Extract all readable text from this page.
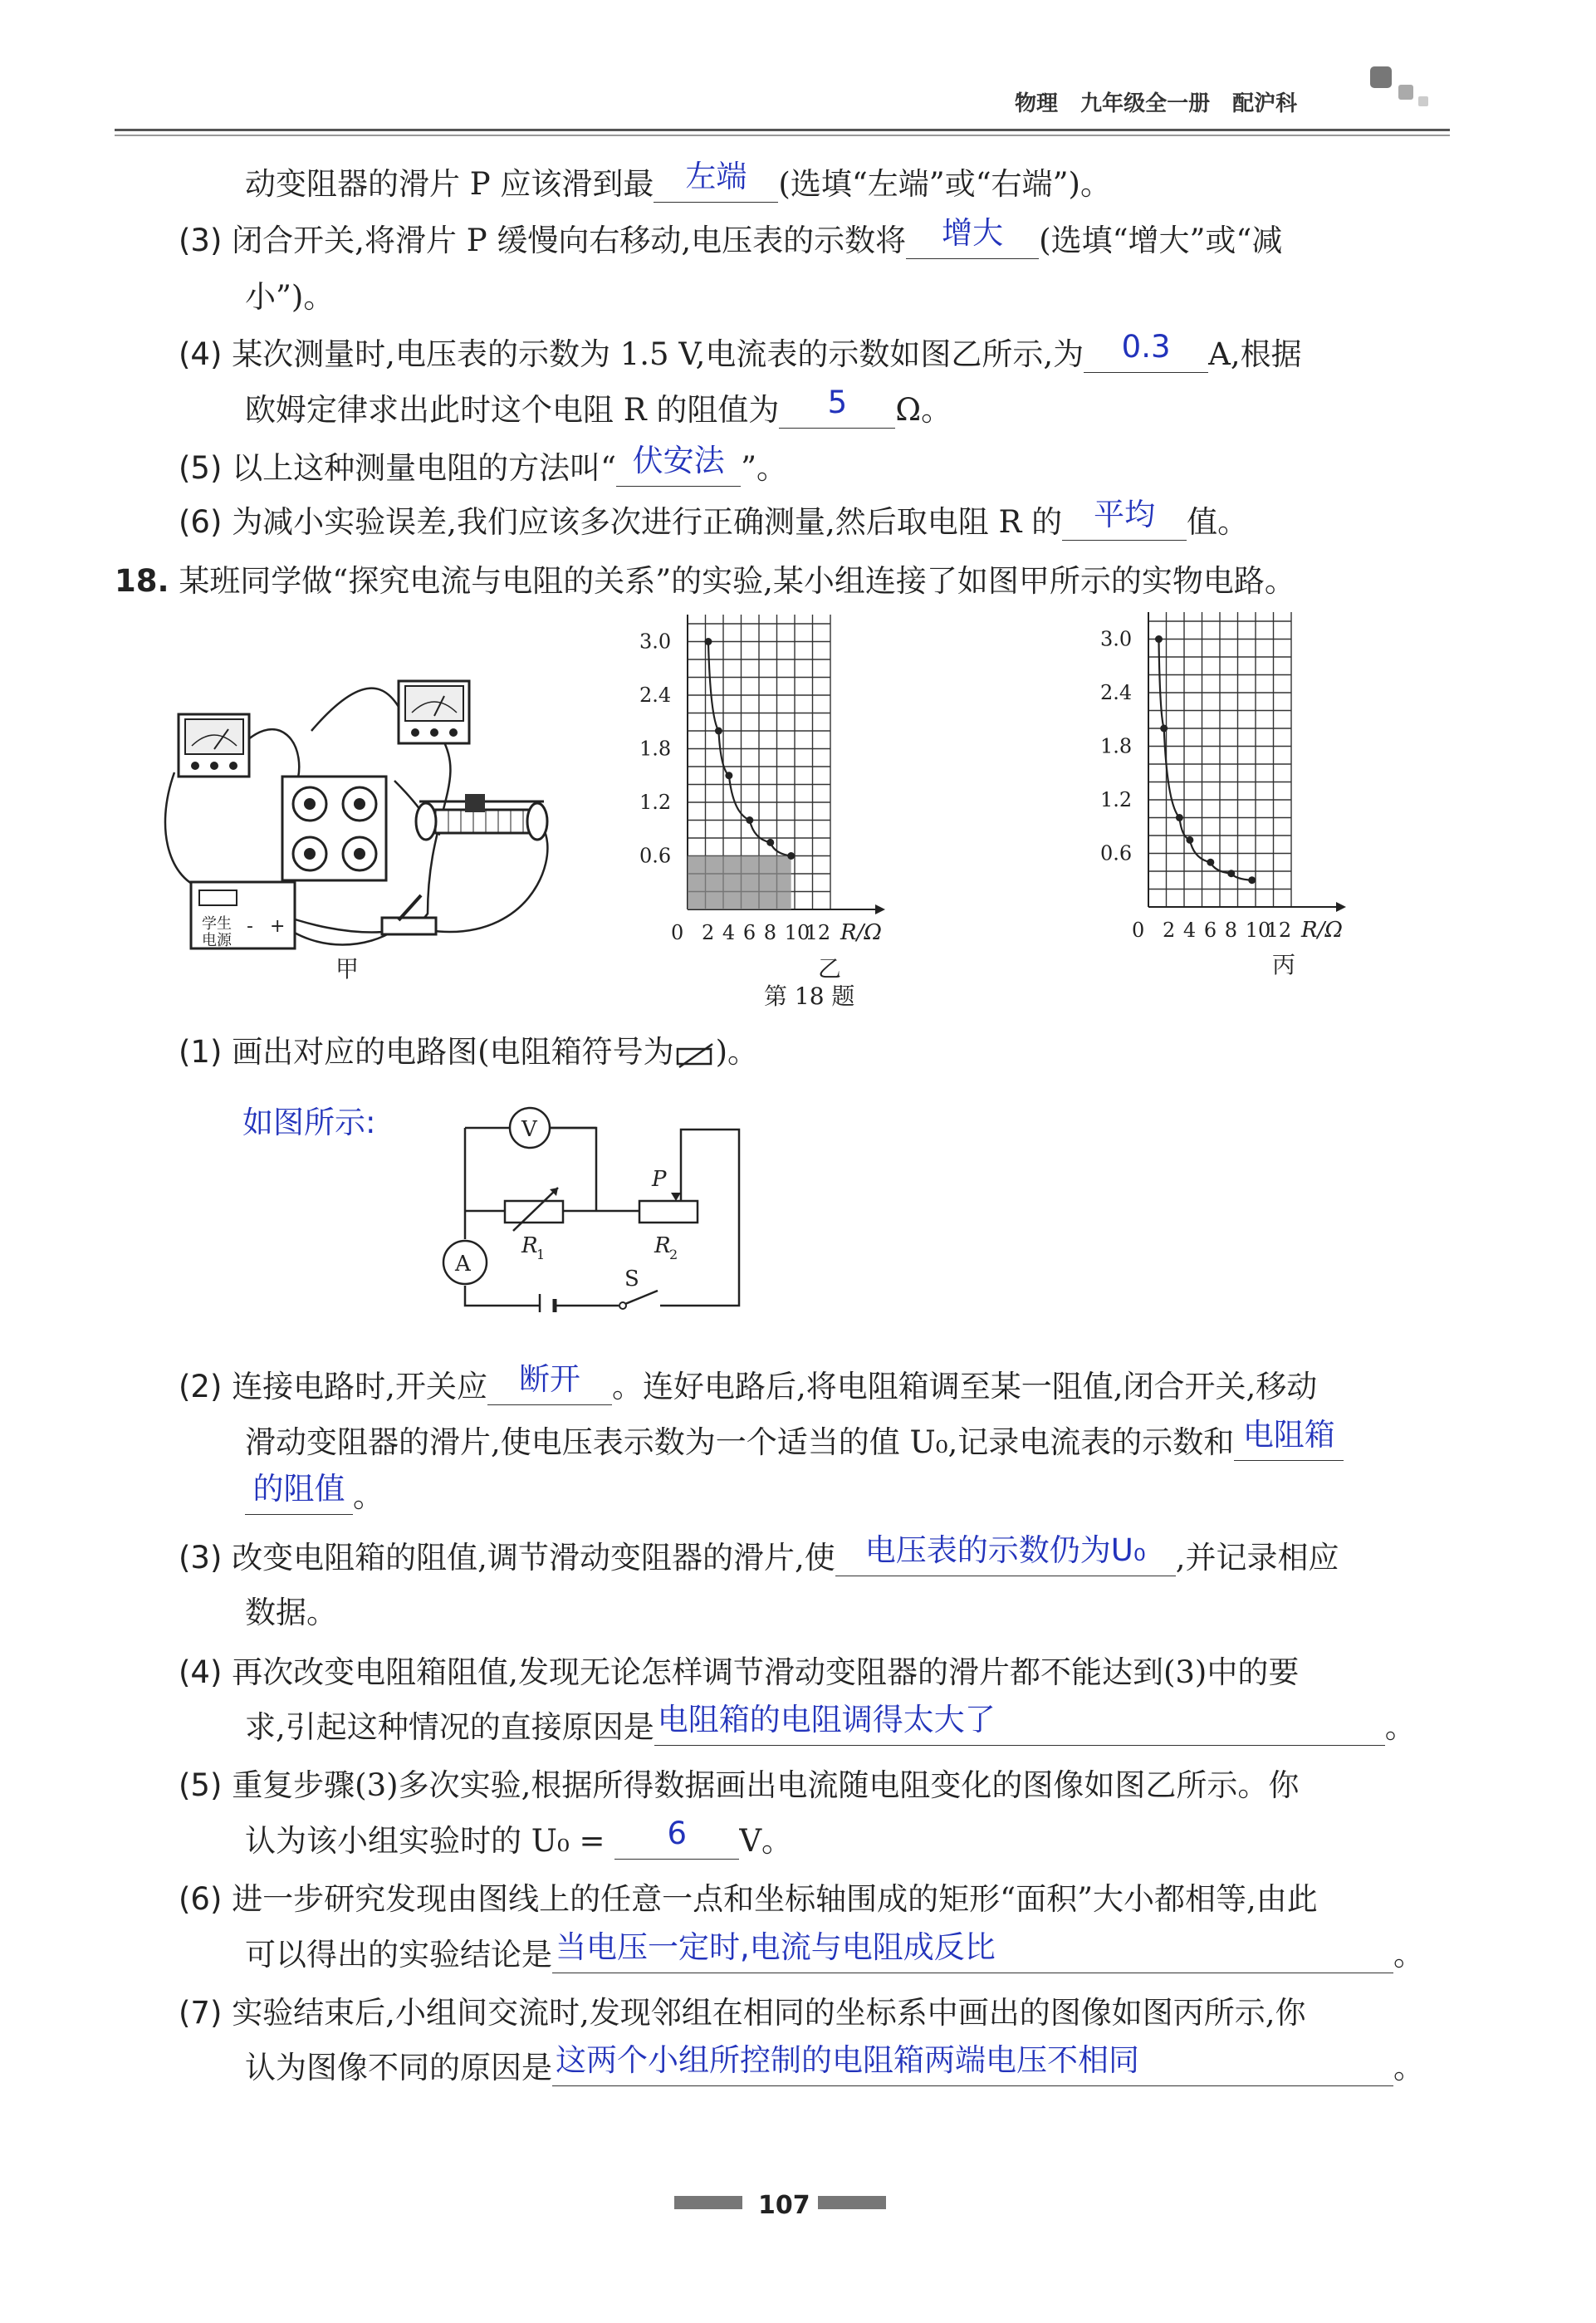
物理 九年级全一册 配沪科
动变阻器的滑片 P 应该滑到最	左端	(选填“左端”或“右端”)。
(3) 闭合开关,将滑片 P 缓慢向右移动,电压表的示数将	增大	(选填“增大”或“减
小”)。
(4) 某次测量时,电压表的示数为 1.5 V,电流表的示数如图乙所示,为	0.3	A,根据
欧姆定律求出此时这个电阻 R 的阻值为	5	Ω。
(5) 以上这种测量电阻的方法叫“ 伏安法 ”。
(6) 为减小实验误差,我们应该多次进行正确测量,然后取电阻 R 的	平均	值。
18. 某班同学做“探究电流与电阻的关系”的实验,某小组连接了如图甲所示的实物电路。
学生
电源
- +
甲
0 2 4 6 8 10
12
0.6
1.2
1.8
2.4
3.0
R/Ω
乙
0 2 4 6 8 10
12
0.6
1.2
1.8
2.4
3.0
R/Ω
丙
第 18 题
(1) 画出对应的电路图(电阻箱符号为 )。
如图所示:	V
R
1
P
R
2
A
S
(2) 连接电路时,开关应	断开	。连好电路后,将电阻箱调至某一阻值,闭合开关,移动
滑动变阻器的滑片,使电压表示数为一个适当的值 U₀,记录电流表的示数和 电阻箱
的阻值 。
(3) 改变电阻箱的阻值,调节滑动变阻器的滑片,使 电压表的示数仍为U₀ ,并记录相应
数据。
(4) 再次改变电阻箱阻值,发现无论怎样调节滑动变阻器的滑片都不能达到(3)中的要
求,引起这种情况的直接原因是 电阻箱的电阻调得太大了	。
(5) 重复步骤(3)多次实验,根据所得数据画出电流随电阻变化的图像如图乙所示。你
认为该小组实验时的 U₀ =	6	V。
(6) 进一步研究发现由图线上的任意一点和坐标轴围成的矩形“面积”大小都相等,由此
可以得出的实验结论是 当电压一定时,电流与电阻成反比	。
(7) 实验结束后,小组间交流时,发现邻组在相同的坐标系中画出的图像如图丙所示,你
认为图像不同的原因是 这两个小组所控制的电阻箱两端电压不相同	。
107
